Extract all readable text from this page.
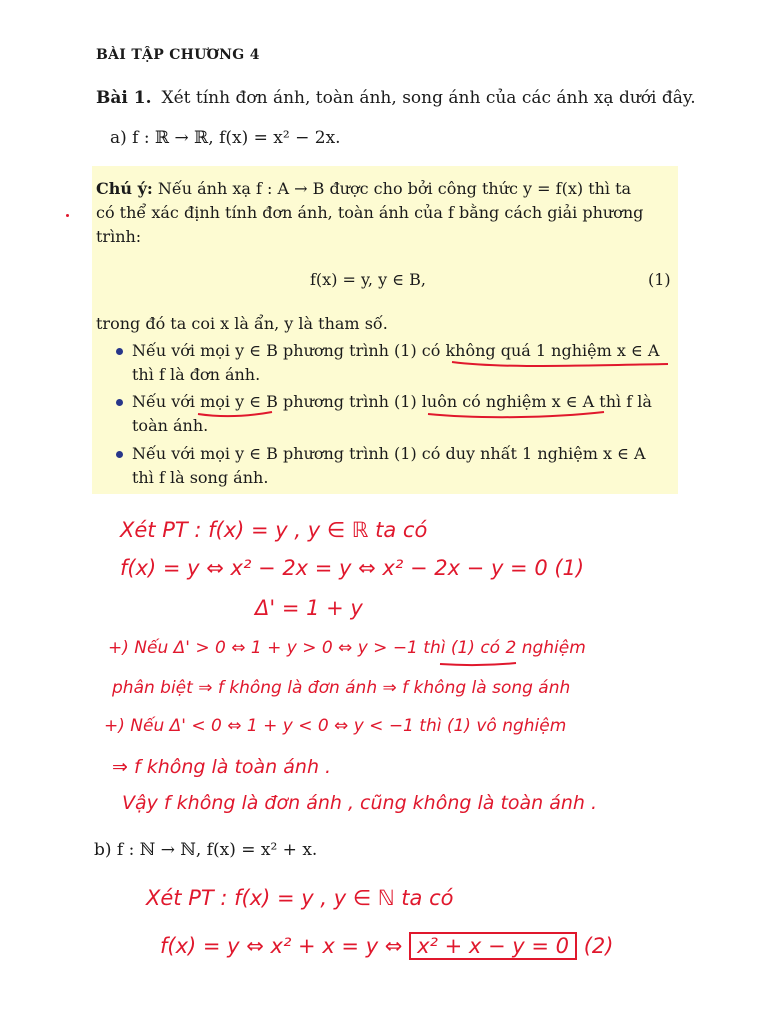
BÀI TẬP CHƯƠNG 4
Bài 1. Xét tính đơn ánh, toàn ánh, song ánh của các ánh xạ dưới đây.
a) f : ℝ → ℝ, f(x) = x² − 2x.
Chú ý: Nếu ánh xạ f : A → B được cho bởi công thức y = f(x) thì ta
có thể xác định tính đơn ánh, toàn ánh của f bằng cách giải phương
trình:
f(x) = y, y ∈ B,	(1)
trong đó ta coi x là ẩn, y là tham số.
Nếu với mọi y ∈ B phương trình (1) có không quá 1 nghiệm x ∈ A
thì f là đơn ánh.
Nếu với mọi y ∈ B phương trình (1) luôn có nghiệm x ∈ A thì f là
toàn ánh.
Nếu với mọi y ∈ B phương trình (1) có duy nhất 1 nghiệm x ∈ A
thì f là song ánh.
Xét PT : f(x) = y , y ∈ ℝ ta có
f(x) = y ⇔ x² − 2x = y ⇔ x² − 2x − y = 0 (1)
Δ' = 1 + y
+) Nếu Δ' > 0 ⇔ 1 + y > 0 ⇔ y > −1 thì (1) có 2 nghiệm
phân biệt ⇒ f không là đơn ánh ⇒ f không là song ánh
+) Nếu Δ' < 0 ⇔ 1 + y < 0 ⇔ y < −1 thì (1) vô nghiệm
⇒ f không là toàn ánh .
Vậy f không là đơn ánh , cũng không là toàn ánh .
b) f : ℕ → ℕ, f(x) = x² + x.
Xét PT : f(x) = y , y ∈ ℕ ta có
f(x) = y ⇔ x² + x = y ⇔ x² + x − y = 0 (2)
